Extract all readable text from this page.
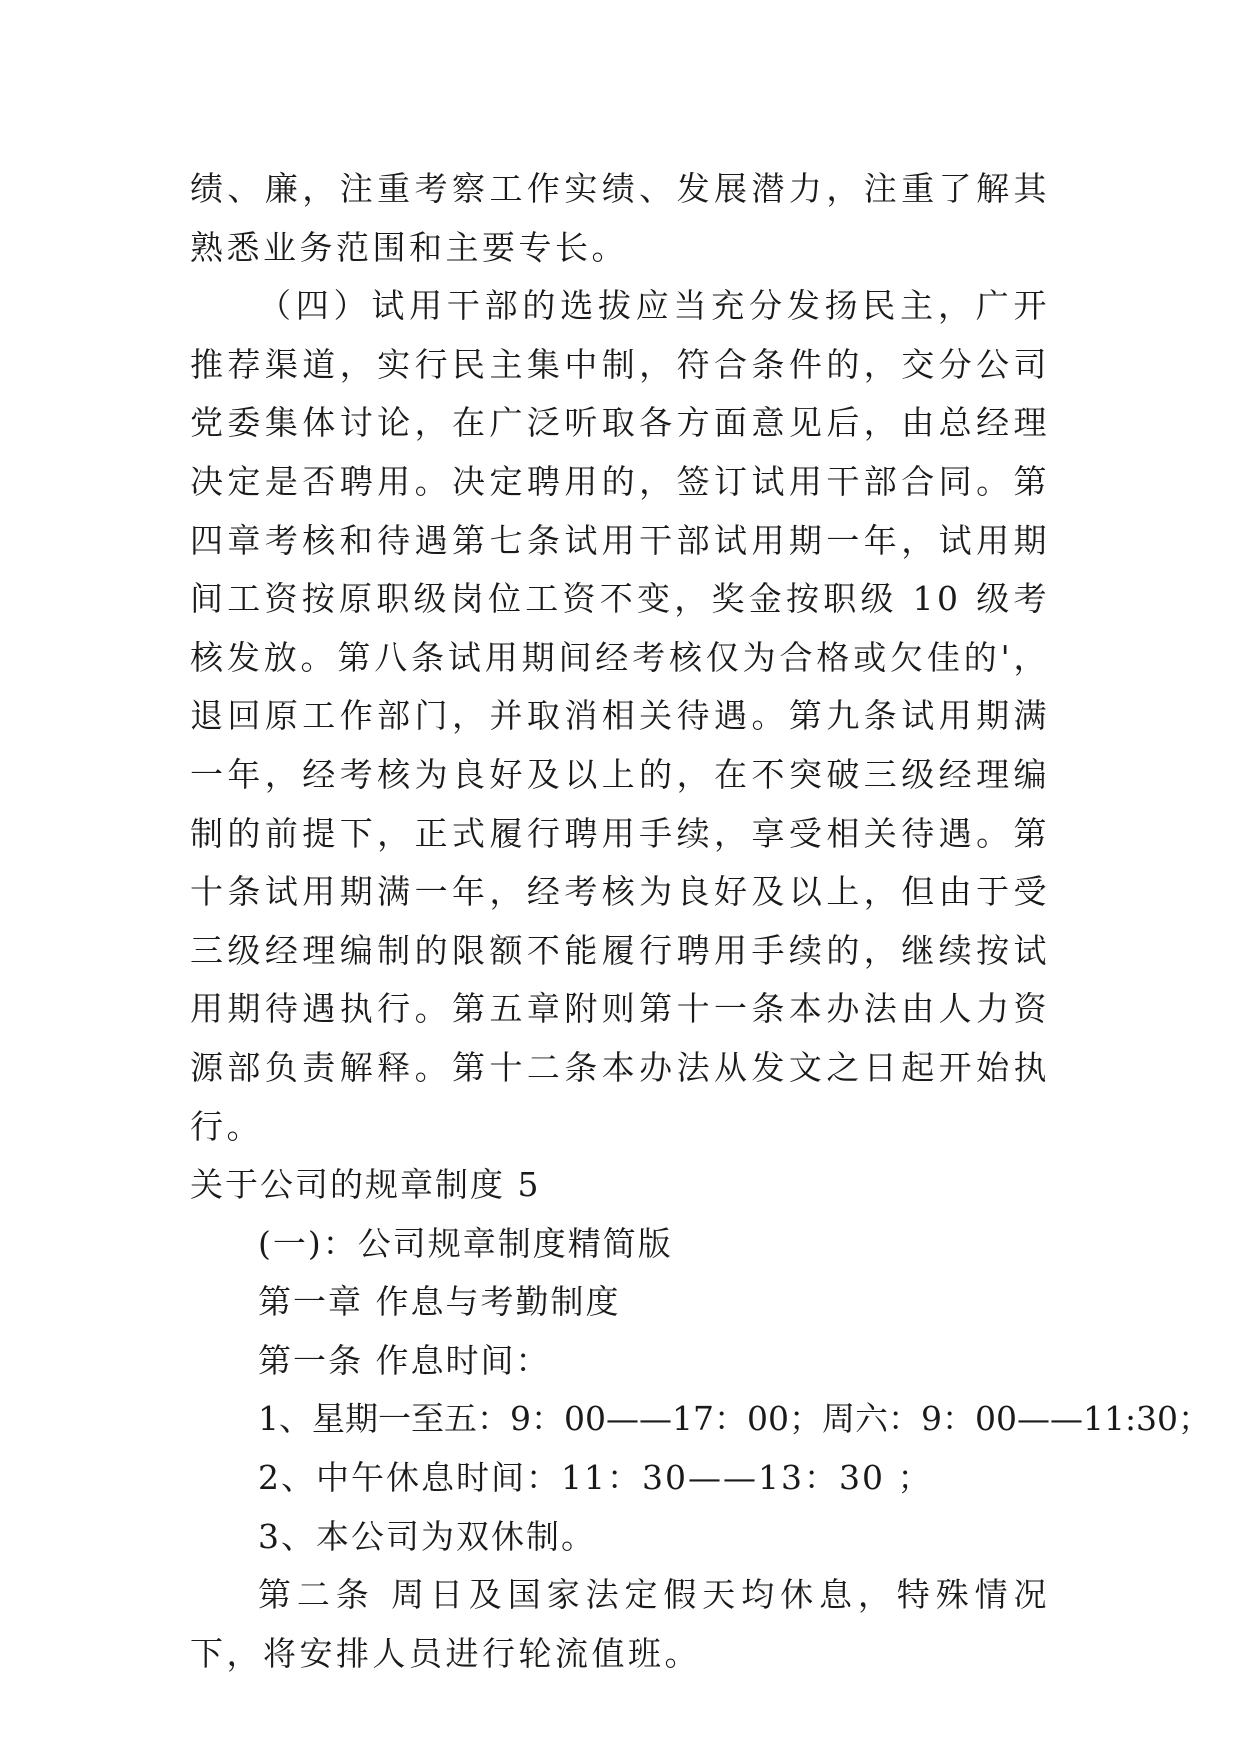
绩、廉，注重考察工作实绩、发展潜力，注重了解其熟悉业务范围和主要专长。

（四）试用干部的选拔应当充分发扬民主，广开推荐渠道，实行民主集中制，符合条件的，交分公司党委集体讨论，在广泛听取各方面意见后，由总经理决定是否聘用。决定聘用的，签订试用干部合同。第四章考核和待遇第七条试用干部试用期一年，试用期间工资按原职级岗位工资不变，奖金按职级 10 级考核发放。第八条试用期间经考核仅为合格或欠佳的'，退回原工作部门，并取消相关待遇。第九条试用期满一年，经考核为良好及以上的，在不突破三级经理编制的前提下，正式履行聘用手续，享受相关待遇。第十条试用期满一年，经考核为良好及以上，但由于受三级经理编制的限额不能履行聘用手续的，继续按试用期待遇执行。第五章附则第十一条本办法由人力资源部负责解释。第十二条本办法从发文之日起开始执行。

关于公司的规章制度 5

(一)：公司规章制度精简版

第一章 作息与考勤制度

第一条 作息时间：

1、星期一至五：9：00——17：00；周六：9：00——11:30；

2、中午休息时间：11：30——13：30 ；

3、本公司为双休制。

第二条 周日及国家法定假天均休息，特殊情况下，将安排人员进行轮流值班。
